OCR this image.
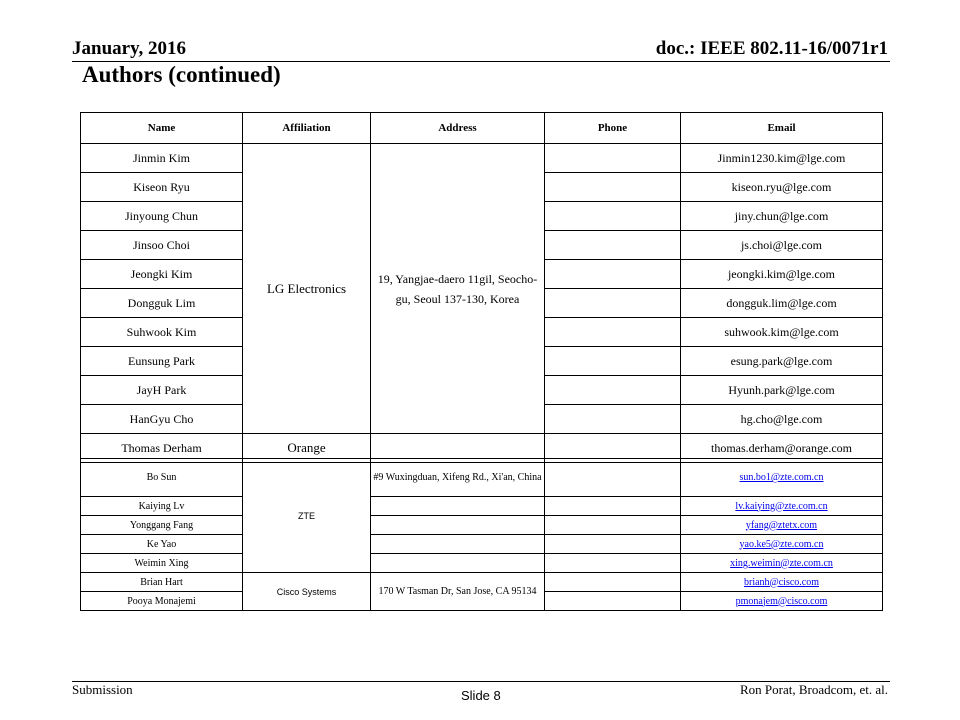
January, 2016	doc.: IEEE 802.11-16/0071r1
Authors (continued)
Name	Affiliation	Address	Phone	Email
Jinmin Kim	LG Electronics	19, Yangjae-daero 11gil, Seocho-gu, Seoul 137-130, Korea		Jinmin1230.kim@lge.com
Kiseon Ryu				kiseon.ryu@lge.com
Jinyoung Chun				jiny.chun@lge.com
Jinsoo Choi				js.choi@lge.com
Jeongki Kim				jeongki.kim@lge.com
Dongguk Lim				dongguk.lim@lge.com
Suhwook Kim				suhwook.kim@lge.com
Eunsung Park				esung.park@lge.com
JayH Park				Hyunh.park@lge.com
HanGyu Cho				hg.cho@lge.com
Thomas Derham	Orange			thomas.derham@orange.com
Bo Sun	ZTE	#9 Wuxingduan, Xifeng Rd., Xi'an, China		sun.bo1@zte.com.cn
Kaiying Lv				lv.kaiying@zte.com.cn
Yonggang Fang				yfang@ztetx.com
Ke Yao				yao.ke5@zte.com.cn
Weimin Xing				xing.weimin@zte.com.cn
Brian Hart	Cisco Systems	170 W Tasman Dr, San Jose, CA 95134		brianh@cisco.com
Pooya Monajemi				pmonajem@cisco.com
Submission	Slide 8	Ron Porat, Broadcom, et. al.
